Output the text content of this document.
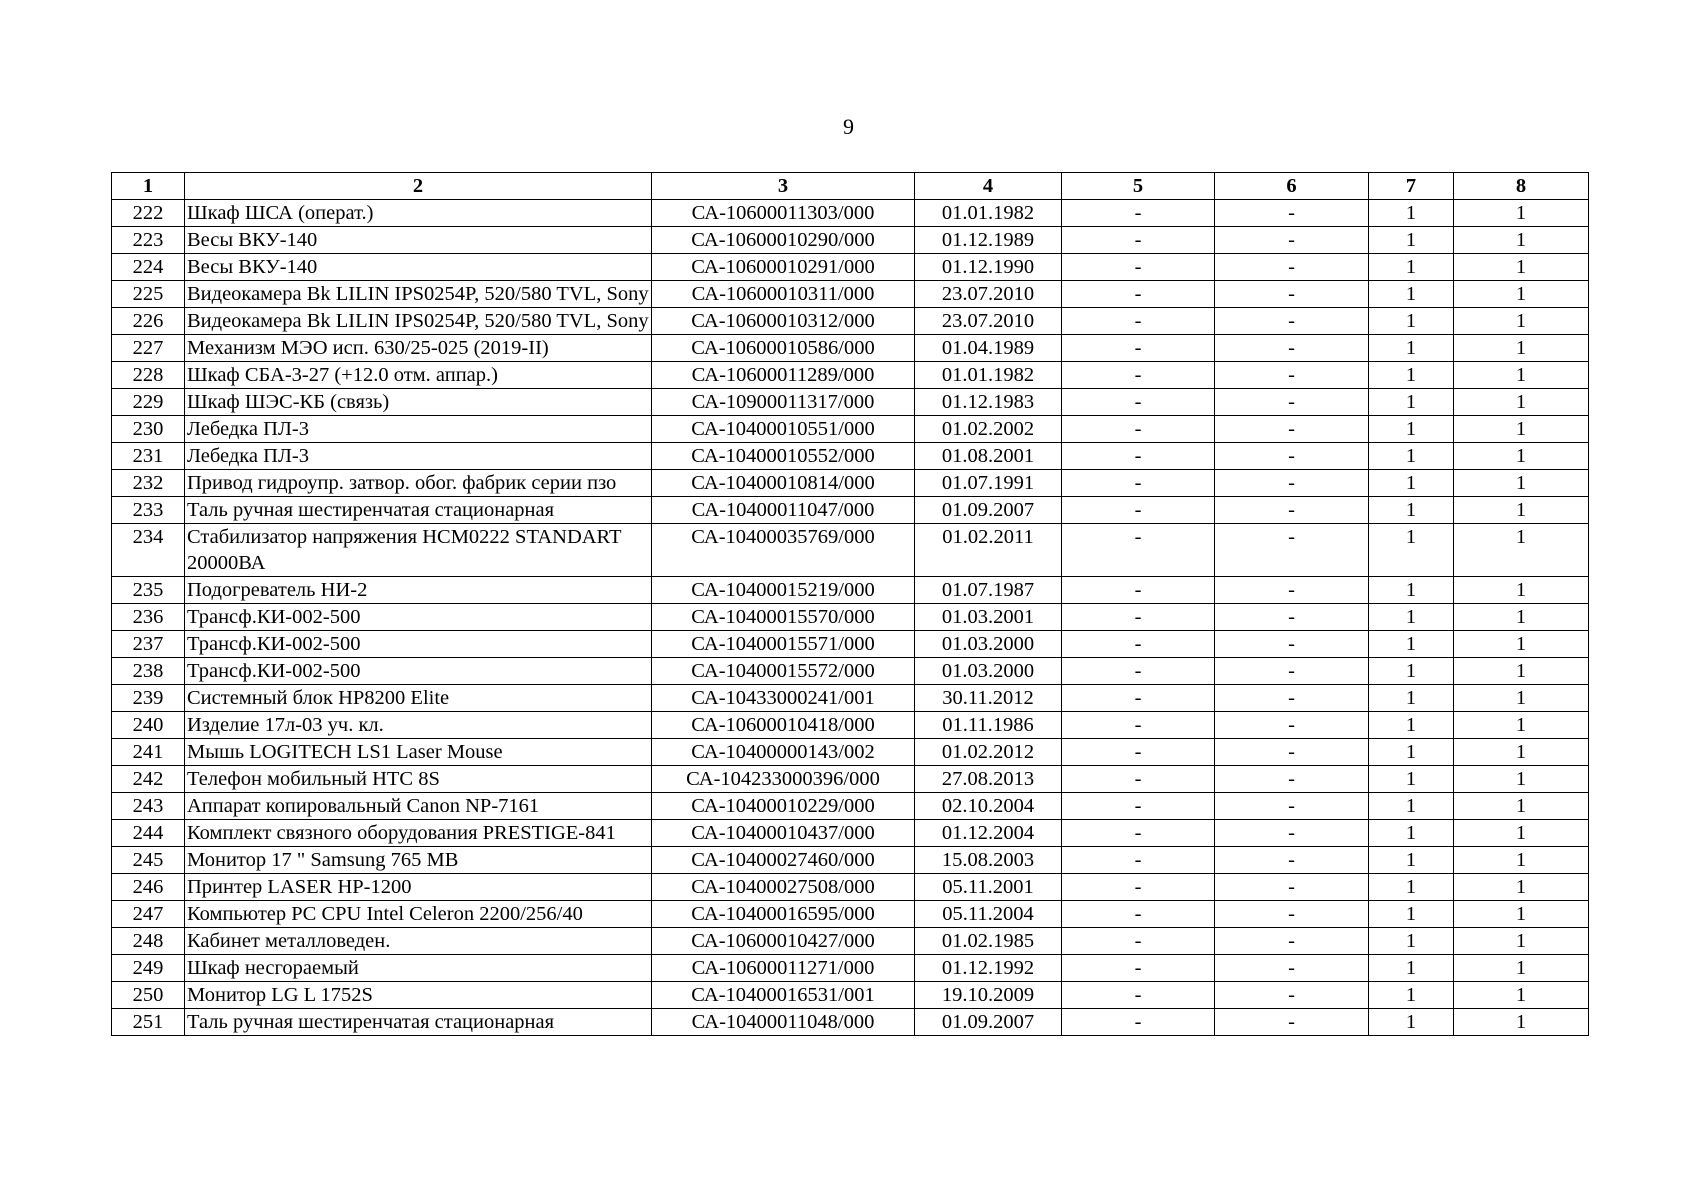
9
1	2	3	4	5	6	7	8
222	Шкаф ШСА (операт.)	СА-10600011303/000	01.01.1982	-	-	1	1
223	Весы ВКУ-140	СА-10600010290/000	01.12.1989	-	-	1	1
224	Весы ВКУ-140	СА-10600010291/000	01.12.1990	-	-	1	1
225	Видеокамера Bk LILIN IPS0254P, 520/580 TVL, Sony	СА-10600010311/000	23.07.2010	-	-	1	1
226	Видеокамера Bk LILIN IPS0254P, 520/580 TVL, Sony	СА-10600010312/000	23.07.2010	-	-	1	1
227	Механизм МЭО исп. 630/25-025 (2019-II)	СА-10600010586/000	01.04.1989	-	-	1	1
228	Шкаф СБА-3-27 (+12.0 отм. аппар.)	СА-10600011289/000	01.01.1982	-	-	1	1
229	Шкаф ШЭС-КБ (связь)	СА-10900011317/000	01.12.1983	-	-	1	1
230	Лебедка ПЛ-3	СА-10400010551/000	01.02.2002	-	-	1	1
231	Лебедка ПЛ-3	СА-10400010552/000	01.08.2001	-	-	1	1
232	Привод гидроупр. затвор. обог. фабрик серии пзо	СА-10400010814/000	01.07.1991	-	-	1	1
233	Таль ручная шестиренчатая стационарная	СА-10400011047/000	01.09.2007	-	-	1	1
234	Стабилизатор напряжения НСМ0222 STANDART 20000ВА	СА-10400035769/000	01.02.2011	-	-	1	1
235	Подогреватель НИ-2	СА-10400015219/000	01.07.1987	-	-	1	1
236	Трансф.КИ-002-500	СА-10400015570/000	01.03.2001	-	-	1	1
237	Трансф.КИ-002-500	СА-10400015571/000	01.03.2000	-	-	1	1
238	Трансф.КИ-002-500	СА-10400015572/000	01.03.2000	-	-	1	1
239	Системный блок HP8200 Elite	СА-10433000241/001	30.11.2012	-	-	1	1
240	Изделие 17л-03 уч. кл.	СА-10600010418/000	01.11.1986	-	-	1	1
241	Мышь LOGITECH LS1 Laser Mouse	СА-10400000143/002	01.02.2012	-	-	1	1
242	Телефон мобильный HTC 8S	СА-104233000396/000	27.08.2013	-	-	1	1
243	Аппарат копировальный Canon NP-7161	СА-10400010229/000	02.10.2004	-	-	1	1
244	Комплект связного оборудования PRESTIGE-841	СА-10400010437/000	01.12.2004	-	-	1	1
245	Монитор 17 " Samsung 765 MB	СА-10400027460/000	15.08.2003	-	-	1	1
246	Принтер LASER HP-1200	СА-10400027508/000	05.11.2001	-	-	1	1
247	Компьютер PC CPU Intel Celeron 2200/256/40	СА-10400016595/000	05.11.2004	-	-	1	1
248	Кабинет металловеден.	СА-10600010427/000	01.02.1985	-	-	1	1
249	Шкаф несгораемый	СА-10600011271/000	01.12.1992	-	-	1	1
250	Монитор LG L 1752S	СА-10400016531/001	19.10.2009	-	-	1	1
251	Таль ручная шестиренчатая стационарная	СА-10400011048/000	01.09.2007	-	-	1	1
